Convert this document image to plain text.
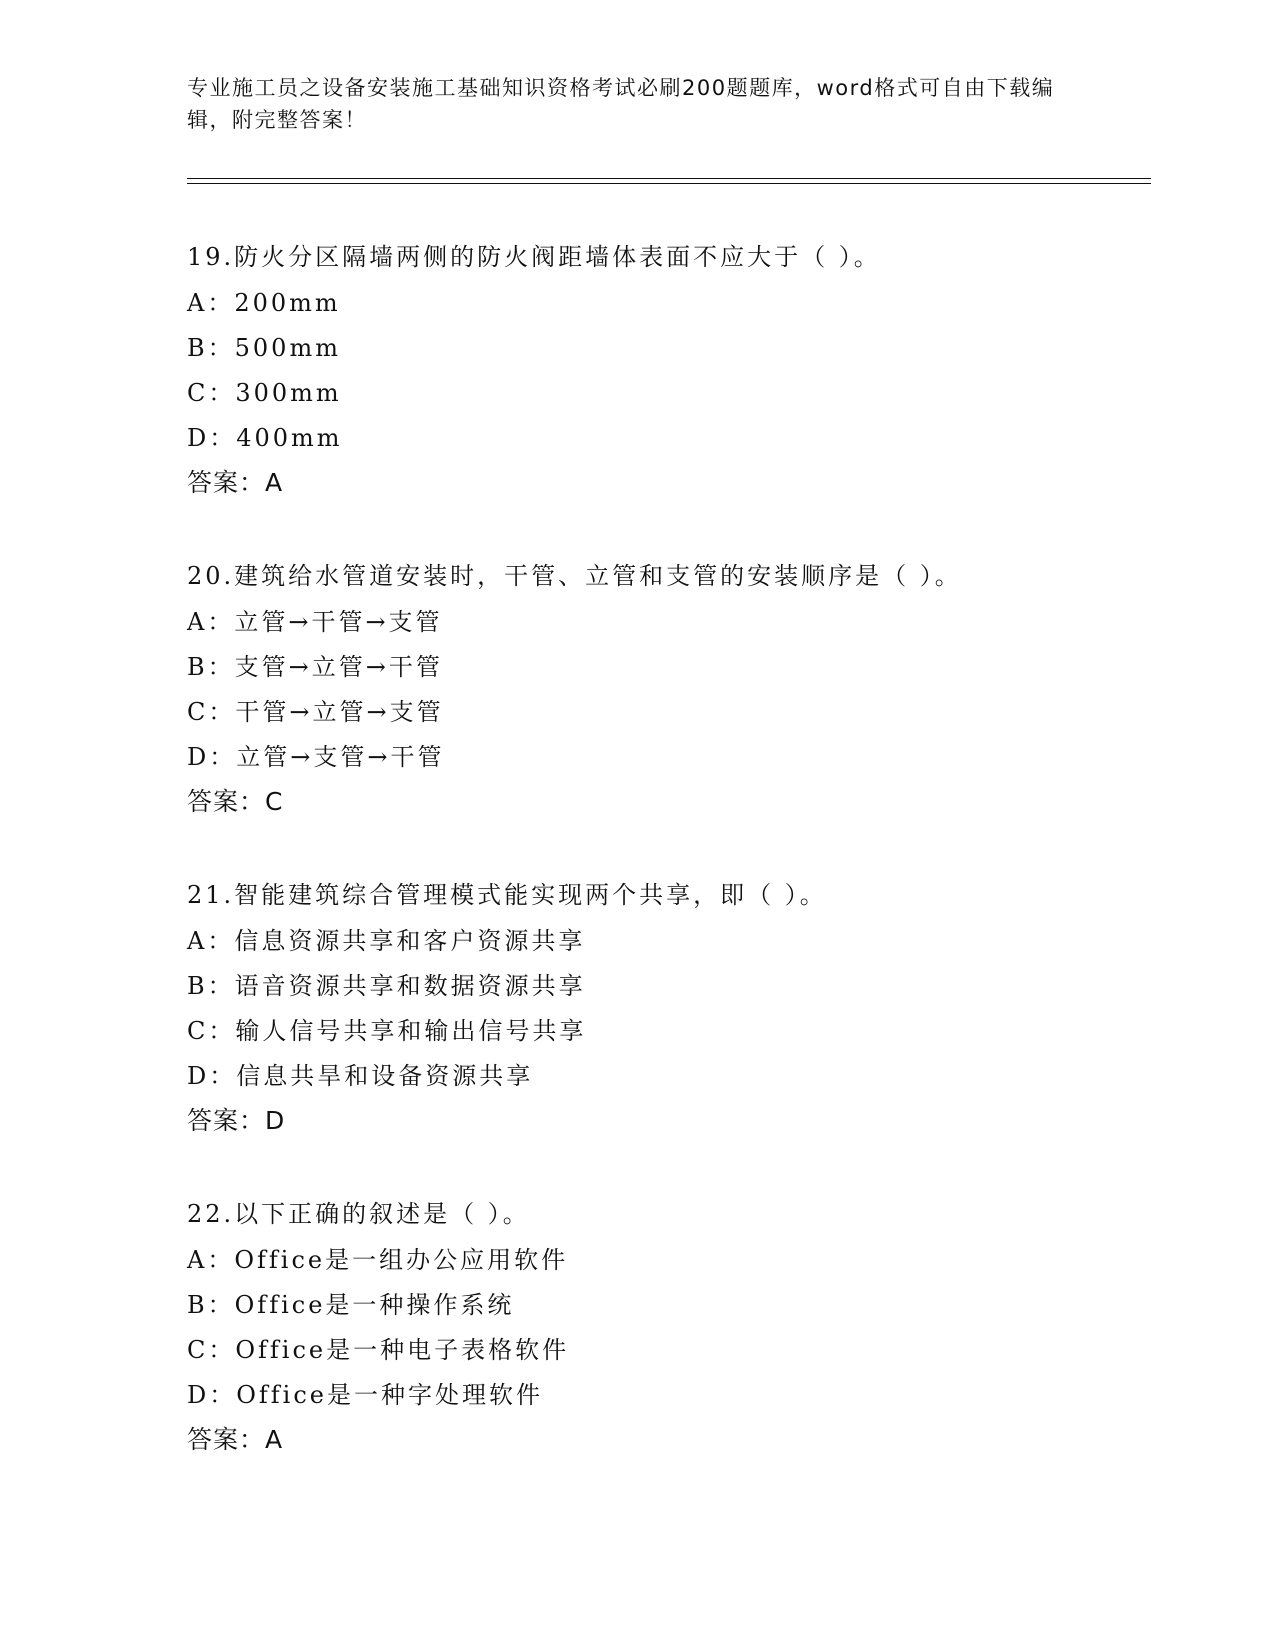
专业施工员之设备安装施工基础知识资格考试必刷200题题库，word格式可自由下载编辑，附完整答案！
19.防火分区隔墙两侧的防火阀距墙体表面不应大于（ ）。
A：200mm
B：500mm
C：300mm
D：400mm
答案：A
20.建筑给水管道安装时，干管、立管和支管的安装顺序是（ ）。
A：立管→干管→支管
B：支管→立管→干管
C：干管→立管→支管
D：立管→支管→干管
答案：C
21.智能建筑综合管理模式能实现两个共享，即（ ）。
A：信息资源共享和客户资源共享
B：语音资源共享和数据资源共享
C：输人信号共享和输出信号共享
D：信息共旱和设备资源共享
答案：D
22.以下正确的叙述是（ ）。
A：Office是一组办公应用软件
B：Office是一种操作系统
C：Office是一种电子表格软件
D：Office是一种字处理软件
答案：A
